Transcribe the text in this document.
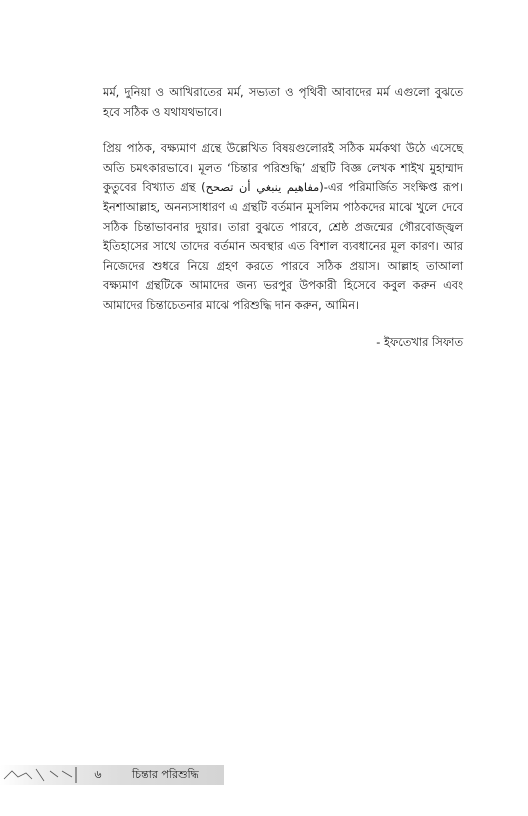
মর্ম, দুনিয়া ও আখিরাতের মর্ম, সভ্যতা ও পৃথিবী আবাদের মর্ম এগুলো বুঝতে হবে সঠিক ও যথাযথভাবে।

প্রিয় পাঠক, বক্ষ্যমাণ গ্রন্থে উল্লেখিত বিষয়গুলোরই সঠিক মর্মকথা উঠে এসেছে অতি চমৎকারভাবে। মূলত ‘চিন্তার পরিশুদ্ধি’ গ্রন্থটি বিজ্ঞ লেখক শাইখ মুহাম্মাদ কুতুবের বিখ্যাত গ্রন্থ (مفاهيم ينبغي أن تصحح)-এর পরিমার্জিত সংক্ষিপ্ত রূপ। ইনশাআল্লাহ, অনন্যসাধারণ এ গ্রন্থটি বর্তমান মুসলিম পাঠকদের মাঝে খুলে দেবে সঠিক চিন্তাভাবনার দুয়ার। তারা বুঝতে পারবে, শ্রেষ্ঠ প্রজন্মের গৌরবোজ্জ্বল ইতিহাসের সাথে তাদের বর্তমান অবস্থার এত বিশাল ব্যবধানের মূল কারণ। আর নিজেদের শুধরে নিয়ে গ্রহণ করতে পারবে সঠিক প্রয়াস। আল্লাহ তাআলা বক্ষ্যমাণ গ্রন্থটিকে আমাদের জন্য ভরপুর উপকারী হিসেবে কবুল করুন এবং আমাদের চিন্তাচেতনার মাঝে পরিশুদ্ধি দান করুন, আমিন।

- ইফতেখার সিফাত

৬	চিন্তার পরিশুদ্ধি
